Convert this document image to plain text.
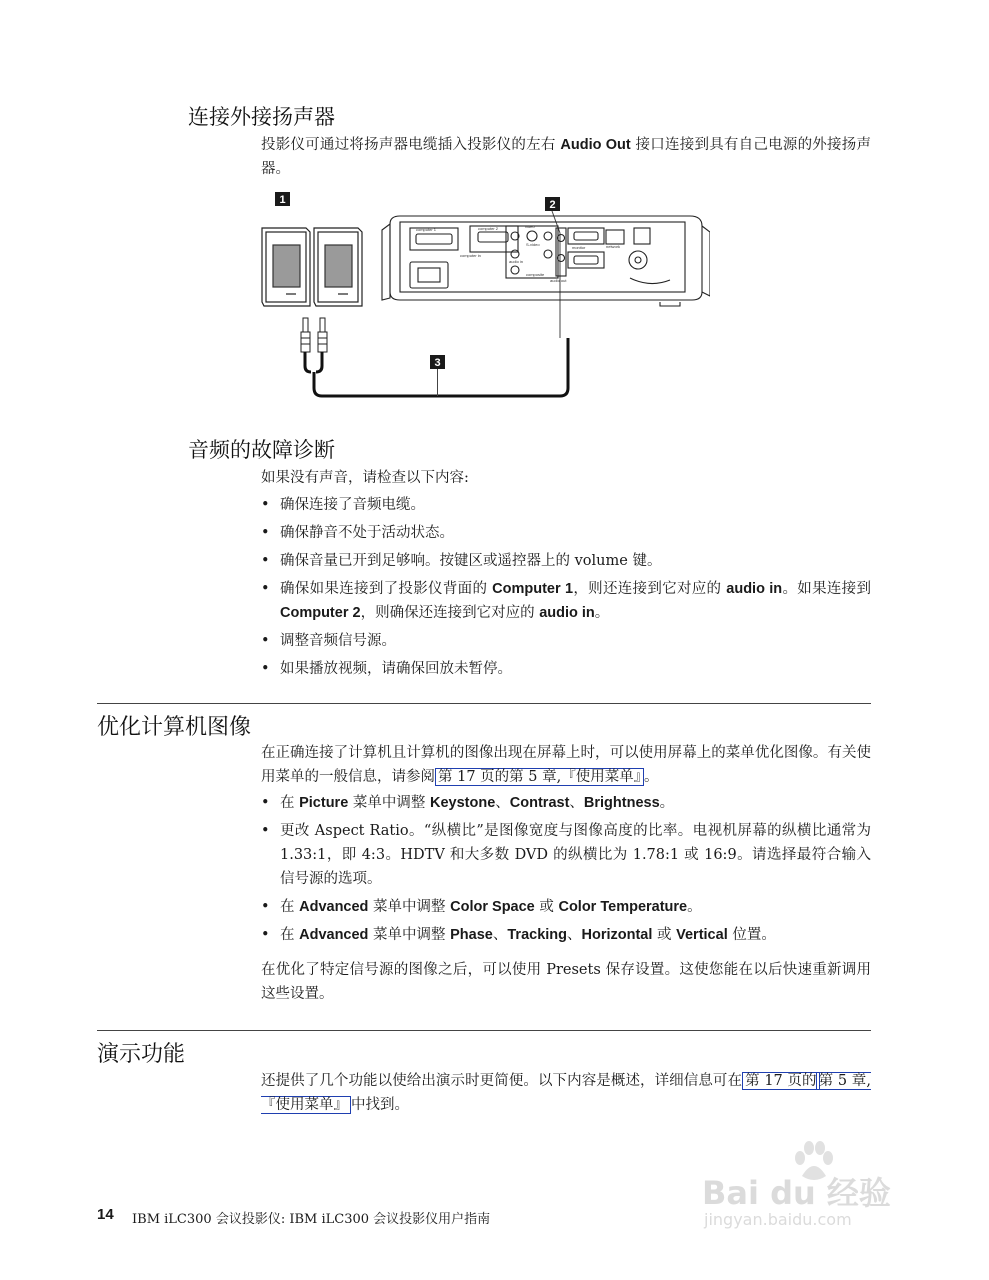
连接外接扬声器

投影仪可通过将扬声器电缆插入投影仪的左右 Audio Out 接口连接到具有自己电源的外接扬声器。

1
3
2
computer 1	computer 2
computer in
video
monitor	network
audio in
S-video
audio out
composite
音频的故障诊断

如果没有声音，请检查以下内容:

• 确保连接了音频电缆。
• 确保静音不处于活动状态。
• 确保音量已开到足够响。按键区或遥控器上的 volume 键。
• 确保如果连接到了投影仪背面的 Computer 1，则还连接到它对应的 audio in。如果连接到 Computer 2，则确保还连接到它对应的 audio in。
• 调整音频信号源。
• 如果播放视频，请确保回放未暂停。
优化计算机图像

在正确连接了计算机且计算机的图像出现在屏幕上时，可以使用屏幕上的菜单优化图像。有关使用菜单的一般信息，请参阅 第 17 页的第 5 章,『使用菜单』 。

• 在 Picture 菜单中调整 Keystone、Contrast、Brightness。
• 更改 Aspect Ratio。“纵横比”是图像宽度与图像高度的比率。电视机屏幕的纵横比通常为 1.33:1，即 4:3。HDTV 和大多数 DVD 的纵横比为 1.78:1 或 16:9。请选择最符合输入信号源的选项。
• 在 Advanced 菜单中调整 Color Space 或 Color Temperature。
• 在 Advanced 菜单中调整 Phase、Tracking、Horizontal 或 Vertical 位置。

在优化了特定信号源的图像之后，可以使用 Presets 保存设置。这使您能在以后快速重新调用这些设置。

演示功能

还提供了几个功能以使给出演示时更简便。以下内容是概述，详细信息可在 第 17 页的 第 5 章,『使用菜单』 中找到。

14 IBM iLC300 会议投影仪: IBM iLC300 会议投影仪用户指南
Bai du 经验
jingyan.baidu.com
